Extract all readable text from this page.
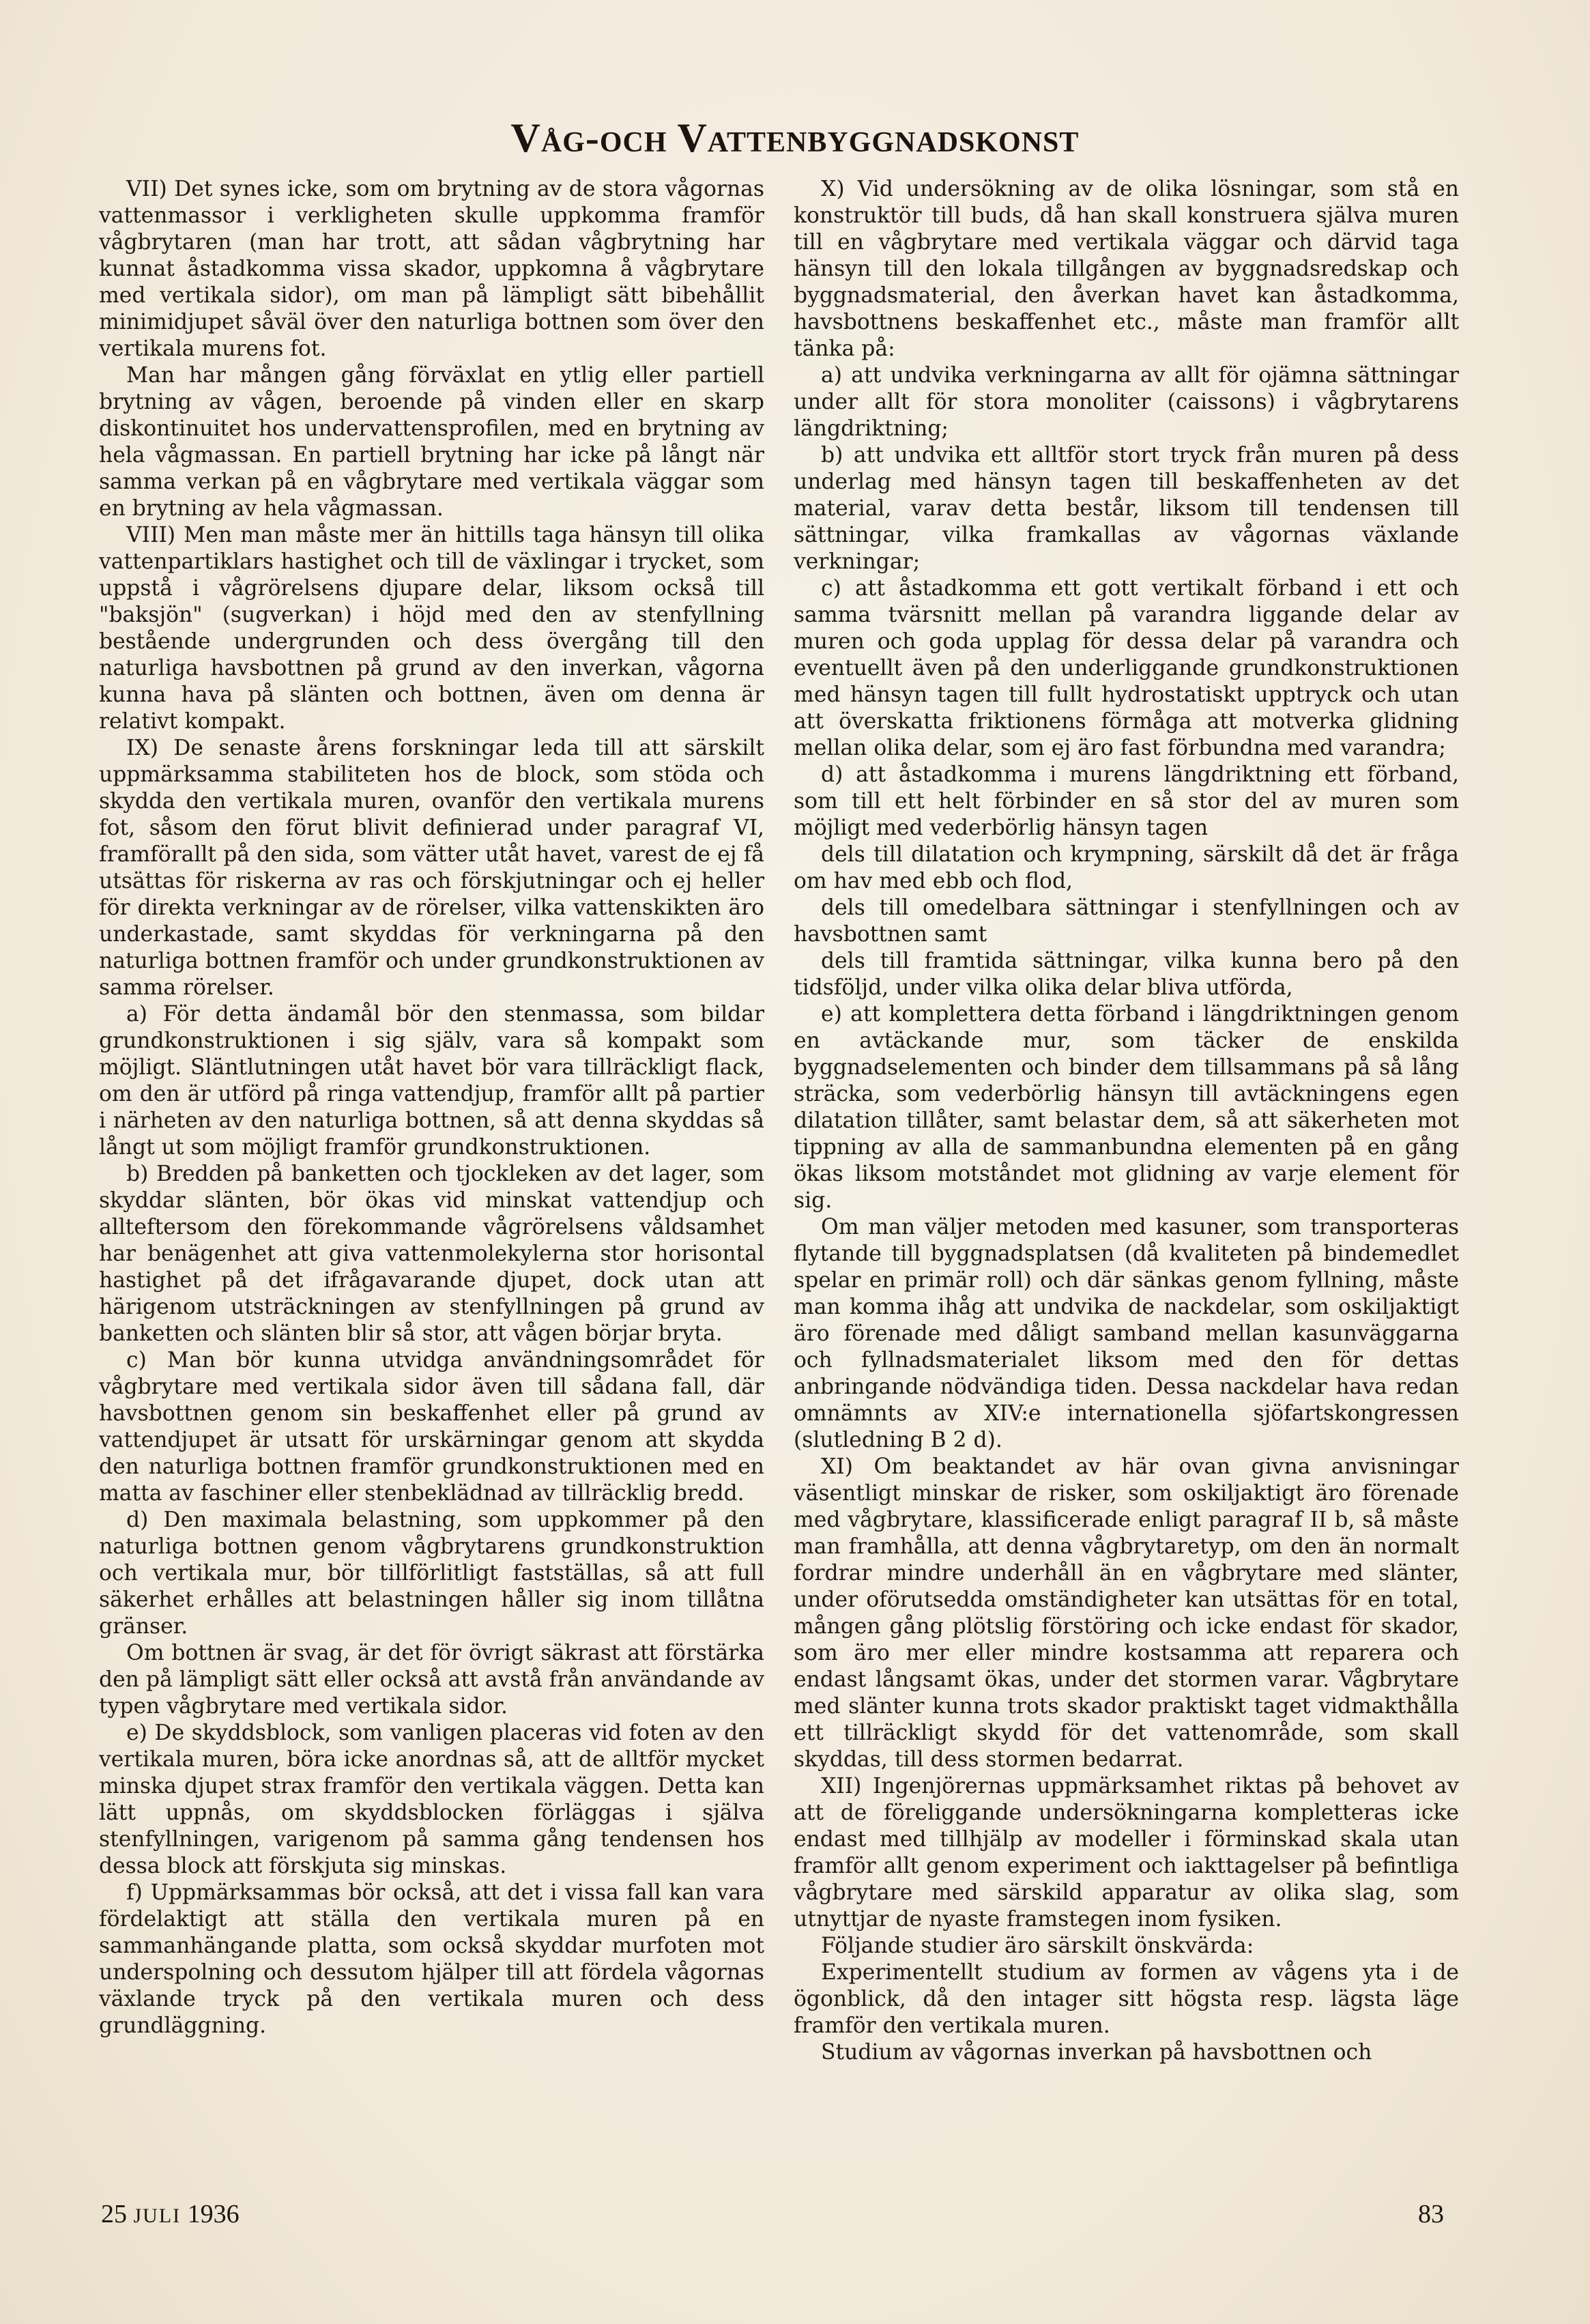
Våg-och Vattenbyggnadskonst

VII) Det synes icke, som om brytning av de stora vågornas vattenmassor i verkligheten skulle uppkomma framför vågbrytaren (man har trott, att sådan vågbrytning har kunnat åstadkomma vissa skador, uppkomna å vågbrytare med vertikala sidor), om man på lämpligt sätt bibehållit minimidjupet såväl över den naturliga bottnen som över den vertikala murens fot.

Man har mången gång förväxlat en ytlig eller partiell brytning av vågen, beroende på vinden eller en skarp diskontinuitet hos undervattensprofilen, med en brytning av hela vågmassan. En partiell brytning har icke på långt när samma verkan på en vågbrytare med vertikala väggar som en brytning av hela vågmassan.

VIII) Men man måste mer än hittills taga hänsyn till olika vattenpartiklars hastighet och till de växlingar i trycket, som uppstå i vågrörelsens djupare delar, liksom också till "baksjön" (sugverkan) i höjd med den av stenfyllning bestående undergrunden och dess övergång till den naturliga havsbottnen på grund av den inverkan, vågorna kunna hava på slänten och bottnen, även om denna är relativt kompakt.

IX) De senaste årens forskningar leda till att särskilt uppmärksamma stabiliteten hos de block, som stöda och skydda den vertikala muren, ovanför den vertikala murens fot, såsom den förut blivit definierad under paragraf VI, framförallt på den sida, som vätter utåt havet, varest de ej få utsättas för riskerna av ras och förskjutningar och ej heller för direkta verkningar av de rörelser, vilka vattenskikten äro underkastade, samt skyddas för verkningarna på den naturliga bottnen framför och under grundkonstruktionen av samma rörelser.

a) För detta ändamål bör den stenmassa, som bildar grundkonstruktionen i sig själv, vara så kompakt som möjligt. Släntlutningen utåt havet bör vara tillräckligt flack, om den är utförd på ringa vattendjup, framför allt på partier i närheten av den naturliga bottnen, så att denna skyddas så långt ut som möjligt framför grundkonstruktionen.

b) Bredden på banketten och tjockleken av det lager, som skyddar slänten, bör ökas vid minskat vattendjup och allteftersom den förekommande vågrörelsens våldsamhet har benägenhet att giva vattenmolekylerna stor horisontal hastighet på det ifrågavarande djupet, dock utan att härigenom utsträckningen av stenfyllningen på grund av banketten och slänten blir så stor, att vågen börjar bryta.

c) Man bör kunna utvidga användningsområdet för vågbrytare med vertikala sidor även till sådana fall, där havsbottnen genom sin beskaffenhet eller på grund av vattendjupet är utsatt för urskärningar genom att skydda den naturliga bottnen framför grundkonstruktionen med en matta av faschiner eller stenbeklädnad av tillräcklig bredd.

d) Den maximala belastning, som uppkommer på den naturliga bottnen genom vågbrytarens grundkonstruktion och vertikala mur, bör tillförlitligt fastställas, så att full säkerhet erhålles att belastningen håller sig inom tillåtna gränser.

Om bottnen är svag, är det för övrigt säkrast att förstärka den på lämpligt sätt eller också att avstå från användande av typen vågbrytare med vertikala sidor.

e) De skyddsblock, som vanligen placeras vid foten av den vertikala muren, böra icke anordnas så, att de alltför mycket minska djupet strax framför den vertikala väggen. Detta kan lätt uppnås, om skyddsblocken förläggas i själva stenfyllningen, varigenom på samma gång tendensen hos dessa block att förskjuta sig minskas.

f) Uppmärksammas bör också, att det i vissa fall kan vara fördelaktigt att ställa den vertikala muren på en sammanhängande platta, som också skyddar murfoten mot underspolning och dessutom hjälper till att fördela vågornas växlande tryck på den vertikala muren och dess grundläggning.

X) Vid undersökning av de olika lösningar, som stå en konstruktör till buds, då han skall konstruera själva muren till en vågbrytare med vertikala väggar och därvid taga hänsyn till den lokala tillgången av byggnadsredskap och byggnadsmaterial, den åverkan havet kan åstadkomma, havsbottnens beskaffenhet etc., måste man framför allt tänka på:

a) att undvika verkningarna av allt för ojämna sättningar under allt för stora monoliter (caissons) i vågbrytarens längdriktning;

b) att undvika ett alltför stort tryck från muren på dess underlag med hänsyn tagen till beskaffenheten av det material, varav detta består, liksom till tendensen till sättningar, vilka framkallas av vågornas växlande verkningar;

c) att åstadkomma ett gott vertikalt förband i ett och samma tvärsnitt mellan på varandra liggande delar av muren och goda upplag för dessa delar på varandra och eventuellt även på den underliggande grundkonstruktionen med hänsyn tagen till fullt hydrostatiskt upptryck och utan att överskatta friktionens förmåga att motverka glidning mellan olika delar, som ej äro fast förbundna med varandra;

d) att åstadkomma i murens längdriktning ett förband, som till ett helt förbinder en så stor del av muren som möjligt med vederbörlig hänsyn tagen

dels till dilatation och krympning, särskilt då det är fråga om hav med ebb och flod,

dels till omedelbara sättningar i stenfyllningen och av havsbottnen samt

dels till framtida sättningar, vilka kunna bero på den tidsföljd, under vilka olika delar bliva utförda,

e) att komplettera detta förband i längdriktningen genom en avtäckande mur, som täcker de enskilda byggnadselementen och binder dem tillsammans på så lång sträcka, som vederbörlig hänsyn till avtäckningens egen dilatation tillåter, samt belastar dem, så att säkerheten mot tippning av alla de sammanbundna elementen på en gång ökas liksom motståndet mot glidning av varje element för sig.

Om man väljer metoden med kasuner, som transporteras flytande till byggnadsplatsen (då kvaliteten på bindemedlet spelar en primär roll) och där sänkas genom fyllning, måste man komma ihåg att undvika de nackdelar, som oskiljaktigt äro förenade med dåligt samband mellan kasunväggarna och fyllnadsmaterialet liksom med den för dettas anbringande nödvändiga tiden. Dessa nackdelar hava redan omnämnts av XIV:e internationella sjöfartskongressen (slutledning B 2 d).

XI) Om beaktandet av här ovan givna anvisningar väsentligt minskar de risker, som oskiljaktigt äro förenade med vågbrytare, klassificerade enligt paragraf II b, så måste man framhålla, att denna vågbrytaretyp, om den än normalt fordrar mindre underhåll än en vågbrytare med slänter, under oförutsedda omständigheter kan utsättas för en total, mången gång plötslig förstöring och icke endast för skador, som äro mer eller mindre kostsamma att reparera och endast långsamt ökas, under det stormen varar. Vågbrytare med slänter kunna trots skador praktiskt taget vidmakthålla ett tillräckligt skydd för det vattenområde, som skall skyddas, till dess stormen bedarrat.

XII) Ingenjörernas uppmärksamhet riktas på behovet av att de föreliggande undersökningarna kompletteras icke endast med tillhjälp av modeller i förminskad skala utan framför allt genom experiment och iakttagelser på befintliga vågbrytare med särskild apparatur av olika slag, som utnyttjar de nyaste framstegen inom fysiken.

Följande studier äro särskilt önskvärda:

Experimentellt studium av formen av vågens yta i de ögonblick, då den intager sitt högsta resp. lägsta läge framför den vertikala muren.

Studium av vågornas inverkan på havsbottnen och

25 JULI 1936	83
